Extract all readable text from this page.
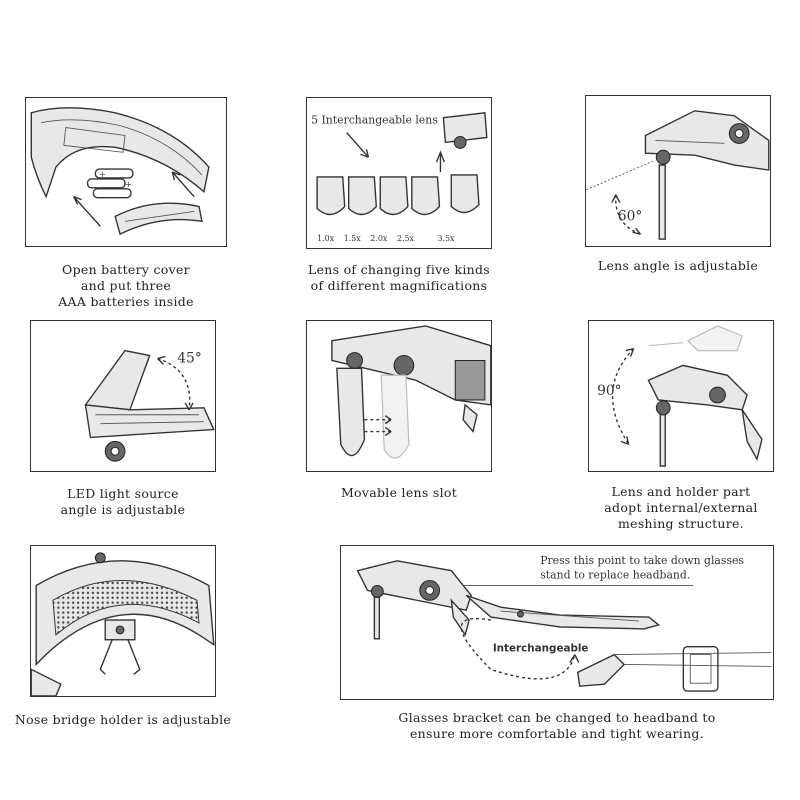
+
+
Open battery cover
and put three
AAA batteries inside
5 Interchangeable lens
1.0x 1.5x 2.0x 2.5x	3.5x
Lens of changing five kinds
of different magnifications
60°
Lens angle is adjustable
45°
LED light source
angle is adjustable
Movable lens slot
90°
Lens and holder part
adopt internal/external
meshing structure.
Nose bridge holder is adjustable
Press this point to take down glasses
stand to replace headband.
Interchangeable
Glasses bracket can be changed to headband to
ensure more comfortable and tight wearing.
